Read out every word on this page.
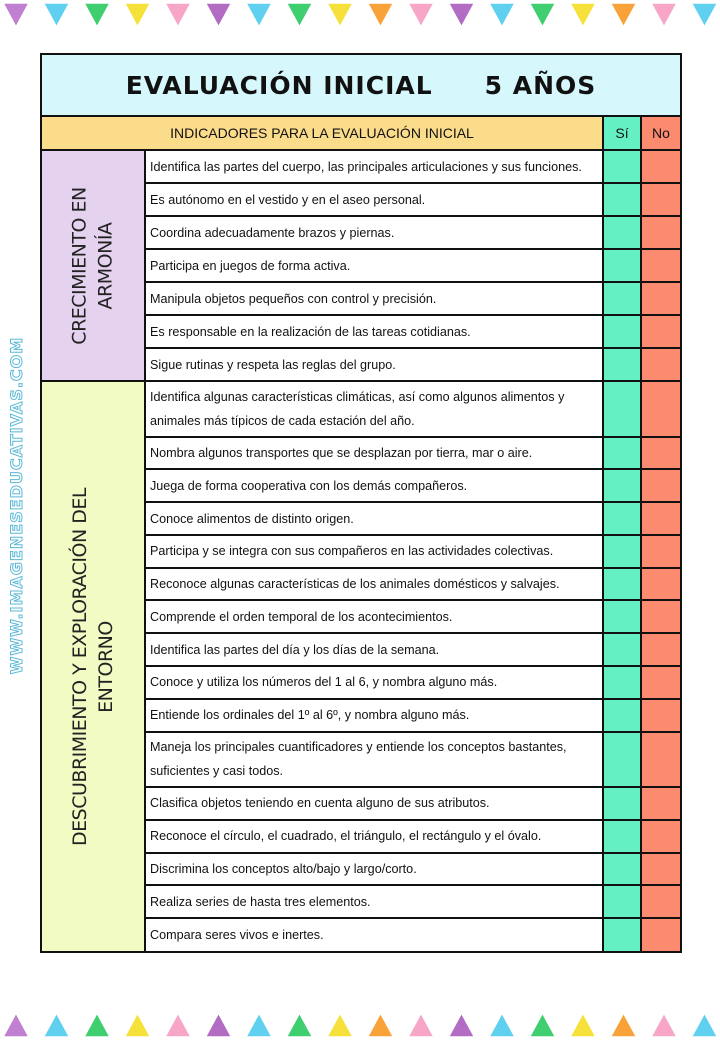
WWW.IMAGENESEDUCATIVAS.COM
EVALUACIÓN INICIAL 5 AÑOS
INDICADORES PARA LA EVALUACIÓN INICIAL	Sí	No
CRECIMIENTO EN ARMONÍA
Identifica las partes del cuerpo, las principales articulaciones y sus funciones.
Es autónomo en el vestido y en el aseo personal.
Coordina adecuadamente brazos y piernas.
Participa en juegos de forma activa.
Manipula objetos pequeños con control y precisión.
Es responsable en la realización de las tareas cotidianas.
Sigue rutinas y respeta las reglas del grupo.
DESCUBRIMIENTO Y EXPLORACIÓN DEL ENTORNO
Identifica algunas características climáticas, así como algunos alimentos y animales más típicos de cada estación del año.
Nombra algunos transportes que se desplazan por tierra, mar o aire.
Juega de forma cooperativa con los demás compañeros.
Conoce alimentos de distinto origen.
Participa y se integra con sus compañeros en las actividades colectivas.
Reconoce algunas características de los animales domésticos y salvajes.
Comprende el orden temporal de los acontecimientos.
Identifica las partes del día y los días de la semana.
Conoce y utiliza los números del 1 al 6, y nombra alguno más.
Entiende los ordinales del 1º al 6º, y nombra alguno más.
Maneja los principales cuantificadores y entiende los conceptos bastantes, suficientes y casi todos.
Clasifica objetos teniendo en cuenta alguno de sus atributos.
Reconoce el círculo, el cuadrado, el triángulo, el rectángulo y el óvalo.
Discrimina los conceptos alto/bajo y largo/corto.
Realiza series de hasta tres elementos.
Compara seres vivos e inertes.
